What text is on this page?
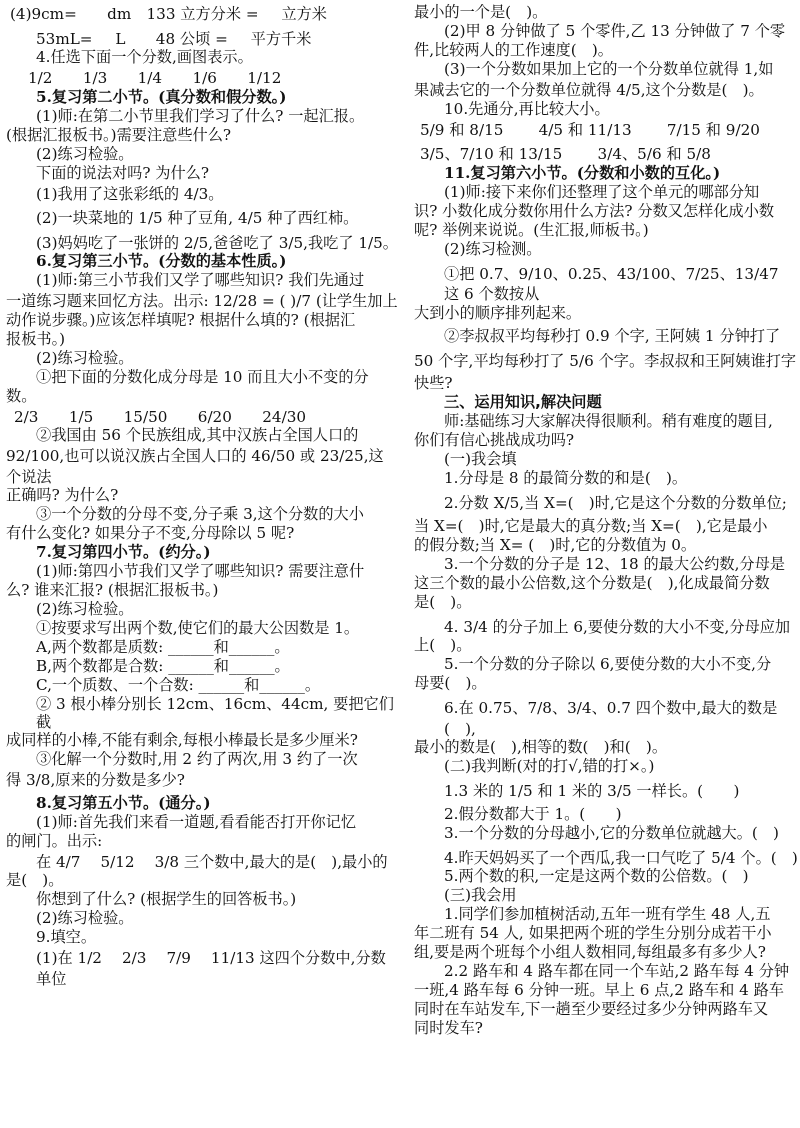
(4)9cm=    dm 133 立方分米 =   立方米

53mL=   L  48 公顷 =   平方千米

4.任选下面一个分数,画图表示。

1/2  1/3  1/4  1/6  1/12

5.复习第二小节。(真分数和假分数。)

(1)师:在第二小节里我们学习了什么? 一起汇报。

(根据汇报板书。)需要注意些什么?

(2)练习检验。

下面的说法对吗? 为什么?

(1)我用了这张彩纸的 4/3。

(2)一块菜地的 1/5 种了豆角, 4/5 种了西红柿。

(3)妈妈吃了一张饼的 2/5,爸爸吃了 3/5,我吃了 1/5。

6.复习第三小节。(分数的基本性质。)

(1)师:第三小节我们又学了哪些知识? 我们先通过

一道练习题来回忆方法。出示: 12/28 = ( )/7 (让学生加上

动作说步骤。)应该怎样填呢? 根据什么填的? (根据汇

报板书。)

(2)练习检验。

①把下面的分数化成分母是 10 而且大小不变的分

数。

2/3  1/5  15/50  6/20  24/30

②我国由 56 个民族组成,其中汉族占全国人口的

92/100,也可以说汉族占全国人口的 46/50 或 23/25,这个说法

正确吗? 为什么?

③一个分数的分母不变,分子乘 3,这个分数的大小

有什么变化? 如果分子不变,分母除以 5 呢?

7.复习第四小节。(约分。)

(1)师:第四小节我们又学了哪些知识? 需要注意什

么? 谁来汇报? (根据汇报板书。)

(2)练习检验。

①按要求写出两个数,使它们的最大公因数是 1。

A,两个数都是质数: ______和______。

B,两个数都是合数: ______和______。

C,一个质数、一个合数: ______和______。

② 3 根小棒分别长 12cm、16cm、44cm, 要把它们截

成同样的小棒,不能有剩余,每根小棒最长是多少厘米?

③化解一个分数时,用 2 约了两次,用 3 约了一次

得 3/8,原来的分数是多少?

8.复习第五小节。(通分。)

(1)师:首先我们来看一道题,看看能否打开你记忆

的闸门。出示:

在 4/7  5/12  3/8 三个数中,最大的是( ),最小的

是( )。

你想到了什么? (根据学生的回答板书。)

(2)练习检验。

9.填空。

(1)在 1/2  2/3  7/9  11/13 这四个分数中,分数单位

最小的一个是( )。

(2)甲 8 分钟做了 5 个零件,乙 13 分钟做了 7 个零

件,比较两人的工作速度( )。

(3)一个分数如果加上它的一个分数单位就得 1,如

果减去它的一个分数单位就得 4/5,这个分数是( )。

10.先通分,再比较大小。

5/9 和 8/15   4/5 和 11/13   7/15 和 9/20

3/5、7/10 和 13/15   3/4、5/6 和 5/8

11.复习第六小节。(分数和小数的互化。)

(1)师:接下来你们还整理了这个单元的哪部分知

识? 小数化成分数你用什么方法? 分数又怎样化成小数

呢? 举例来说说。(生汇报,师板书。)

(2)练习检测。

①把 0.7、9/10、0.25、43/100、7/25、13/47 这 6 个数按从

大到小的顺序排列起来。

②李叔叔平均每秒打 0.9 个字, 王阿姨 1 分钟打了

50 个字,平均每秒打了 5/6 个字。李叔叔和王阿姨谁打字

快些?

三、运用知识,解决问题

师:基础练习大家解决得很顺利。稍有难度的题目,

你们有信心挑战成功吗?

(一)我会填

1.分母是 8 的最简分数的和是( )。

2.分数 X/5,当 X=( )时,它是这个分数的分数单位;

当 X=( )时,它是最大的真分数;当 X=( ),它是最小

的假分数;当 X= ( )时,它的分数值为 0。

3.一个分数的分子是 12、18 的最大公约数,分母是

这三个数的最小公倍数,这个分数是( ),化成最简分数

是( )。

4. 3/4 的分子加上 6,要使分数的大小不变,分母应加

上( )。

5.一个分数的分子除以 6,要使分数的大小不变,分

母要( )。

6.在 0.75、7/8、3/4、0.7 四个数中,最大的数是( ),

最小的数是( ),相等的数( )和( )。

(二)我判断(对的打√,错的打×。)

1.3 米的 1/5 和 1 米的 3/5 一样长。(  )

2.假分数都大于 1。(  )

3.一个分数的分母越小,它的分数单位就越大。( )

4.昨天妈妈买了一个西瓜,我一口气吃了 5/4 个。( )

5.两个数的积,一定是这两个数的公倍数。( )

(三)我会用

1.同学们参加植树活动,五年一班有学生 48 人,五

年二班有 54 人, 如果把两个班的学生分别分成若干小

组,要是两个班每个小组人数相同,每组最多有多少人?

2.2 路车和 4 路车都在同一个车站,2 路车每 4 分钟

一班,4 路车每 6 分钟一班。早上 6 点,2 路车和 4 路车

同时在车站发车,下一趟至少要经过多少分钟两路车又

同时发车?
